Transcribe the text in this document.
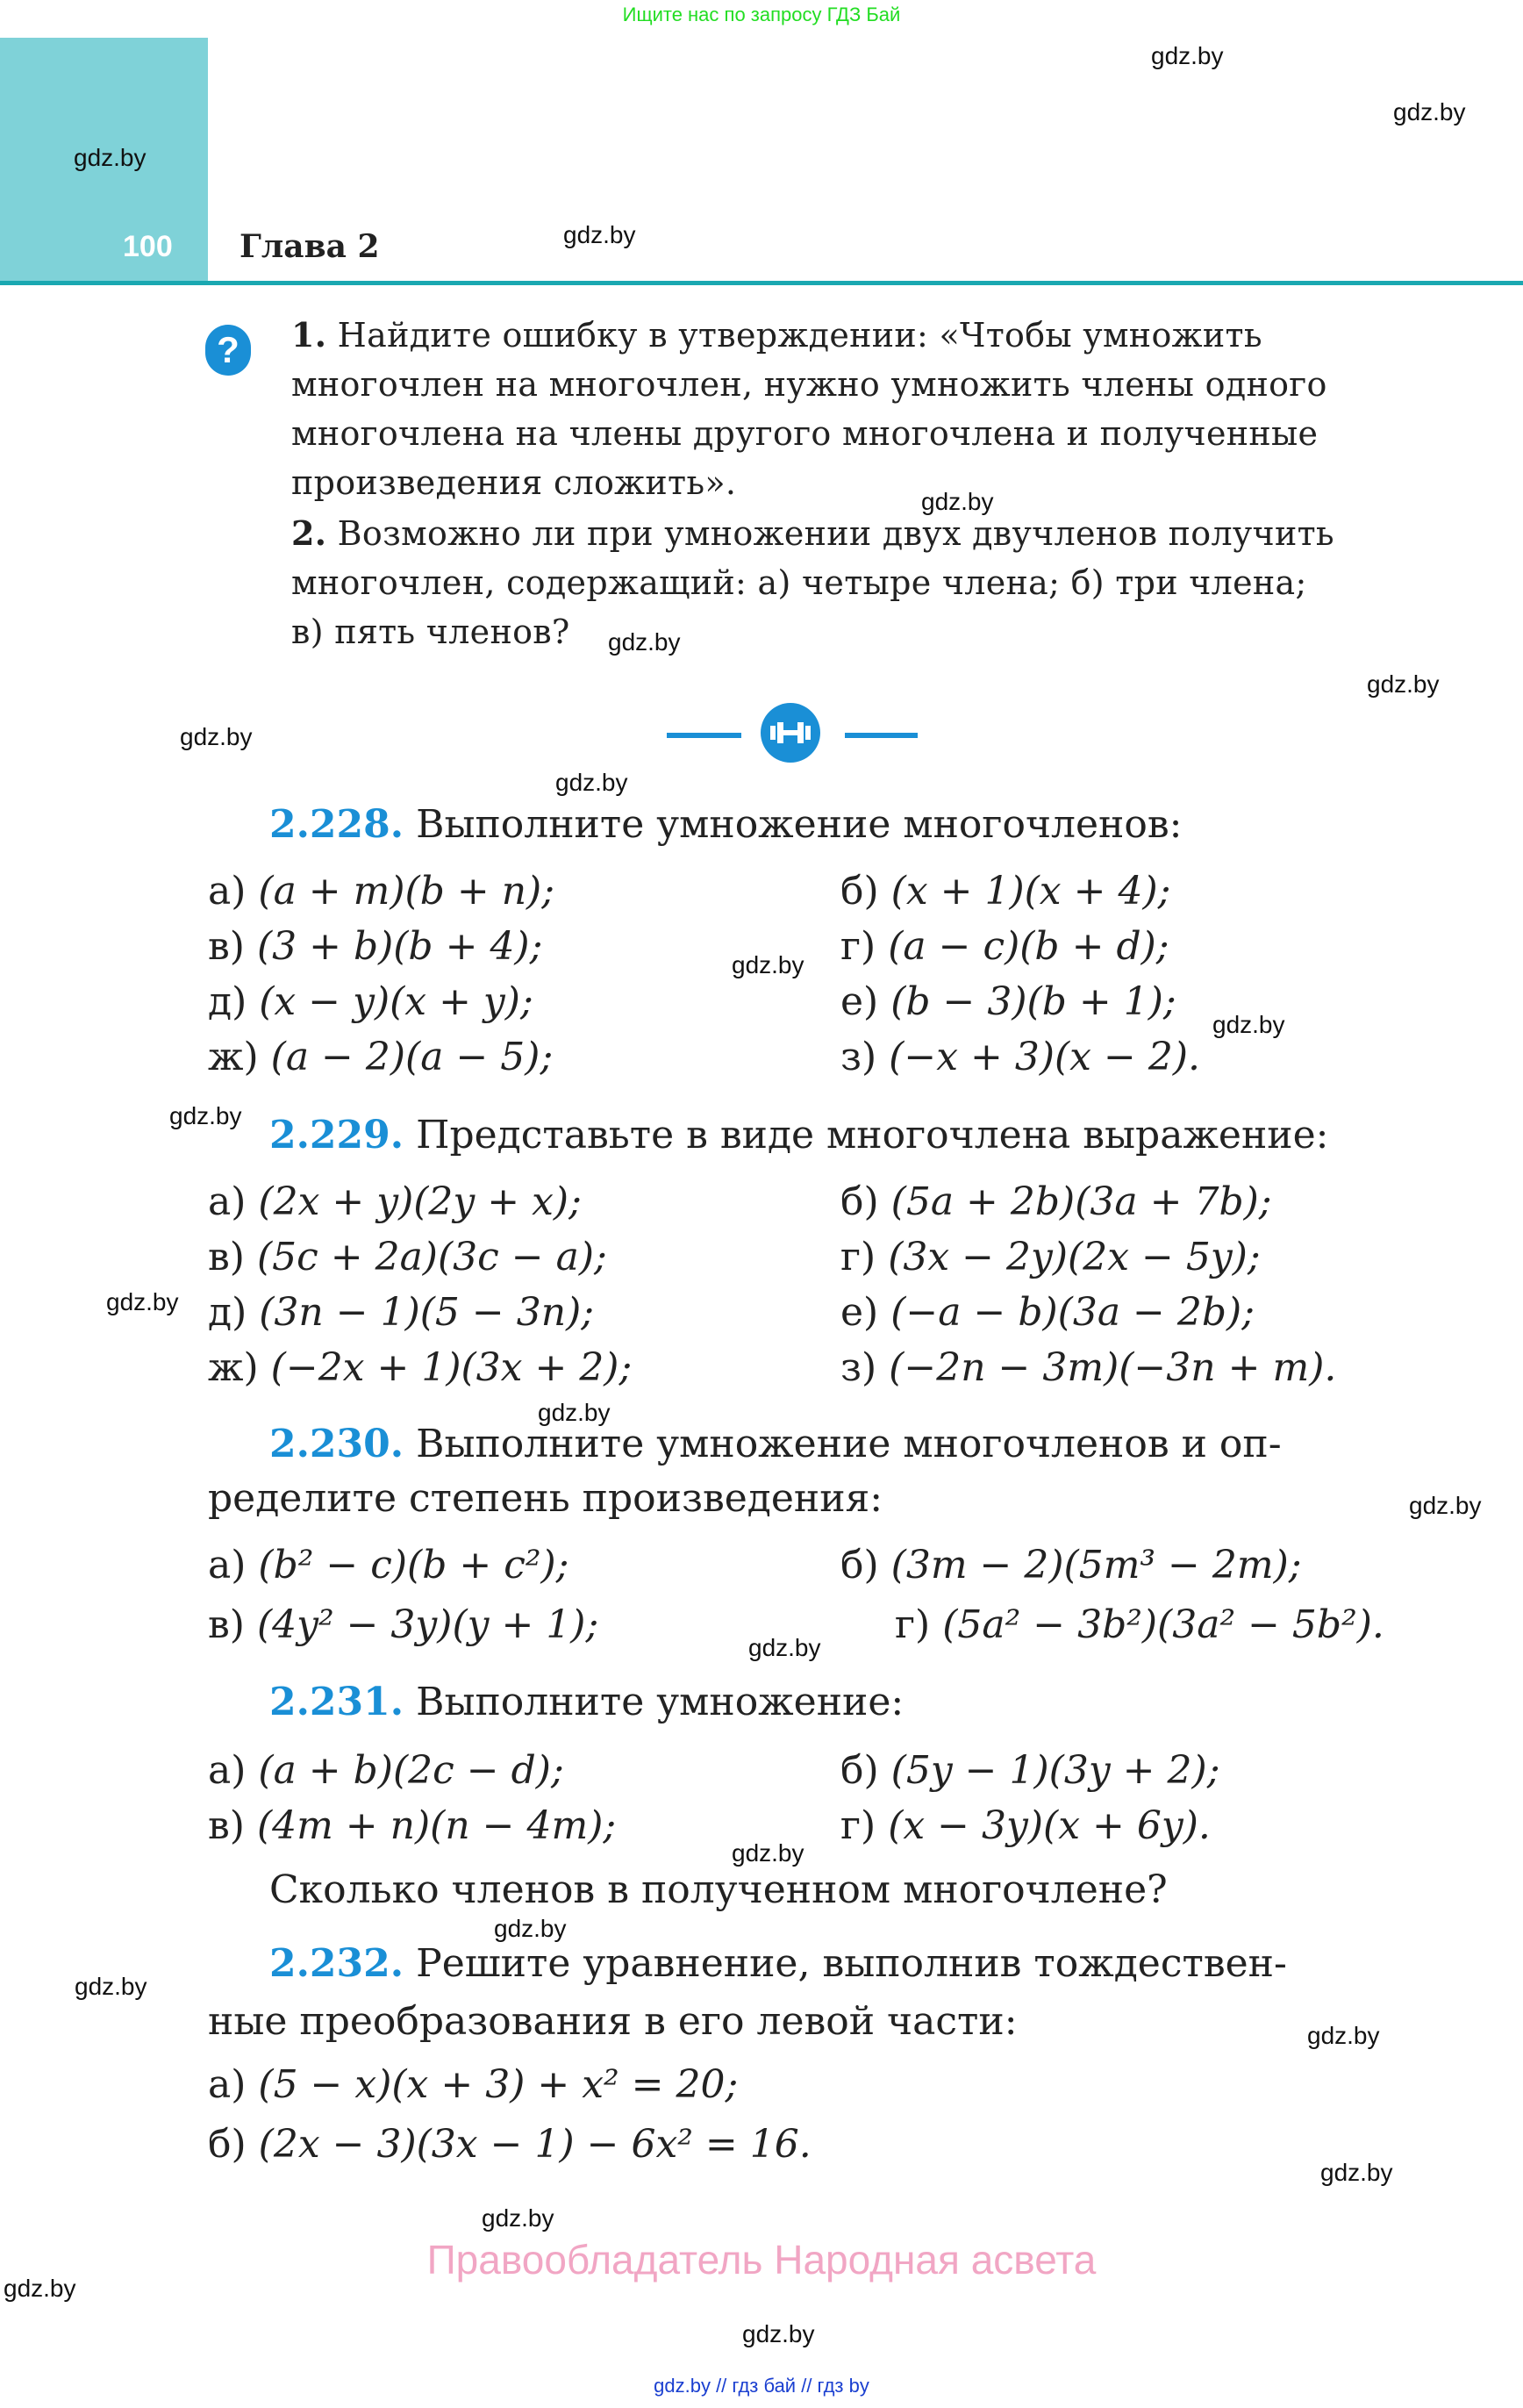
Ищите нас по запросу ГДЗ Бай
100 Глава 2
gdz.by
gdz.by
gdz.by
gdz.by
gdz.by
gdz.by
gdz.by
gdz.by
gdz.by
gdz.by
gdz.by
gdz.by
gdz.by
gdz.by
gdz.by
gdz.by
gdz.by
gdz.by
gdz.by
gdz.by
gdz.by
gdz.by
gdz.by
gdz.by
?	1. Найдите ошибку в утверждении: «Чтобы умножить
многочлен на многочлен, нужно умножить члены одного
многочлена на члены другого многочлена и полученные
произведения сложить».
2. Возможно ли при умножении двух двучленов получить
многочлен, содержащий: а) четыре члена; б) три члена;
в) пять членов?
2.228. Выполните умножение многочленов:
а) (a + m)(b + n);	б) (x + 1)(x + 4);
в) (3 + b)(b + 4);	г) (a − c)(b + d);
д) (x − y)(x + y);	е) (b − 3)(b + 1);
ж) (a − 2)(a − 5);	з) (−x + 3)(x − 2).
2.229. Представьте в виде многочлена выражение:
а) (2x + y)(2y + x);	б) (5a + 2b)(3a + 7b);
в) (5c + 2a)(3c − a);	г) (3x − 2y)(2x − 5y);
д) (3n − 1)(5 − 3n);	е) (−a − b)(3a − 2b);
ж) (−2x + 1)(3x + 2);	з) (−2n − 3m)(−3n + m).
2.230. Выполните умножение многочленов и оп-
ределите степень произведения:
а) (b² − c)(b + c²);	б) (3m − 2)(5m³ − 2m);
в) (4y² − 3y)(y + 1);	г) (5a² − 3b²)(3a² − 5b²).
2.231. Выполните умножение:
а) (a + b)(2c − d);	б) (5y − 1)(3y + 2);
в) (4m + n)(n − 4m);	г) (x − 3y)(x + 6y).
Сколько членов в полученном многочлене?
2.232. Решите уравнение, выполнив тождествен-
ные преобразования в его левой части:
а) (5 − x)(x + 3) + x² = 20;
б) (2x − 3)(3x − 1) − 6x² = 16.
Правообладатель Народная асвета
gdz.by // гдз бай // гдз by
